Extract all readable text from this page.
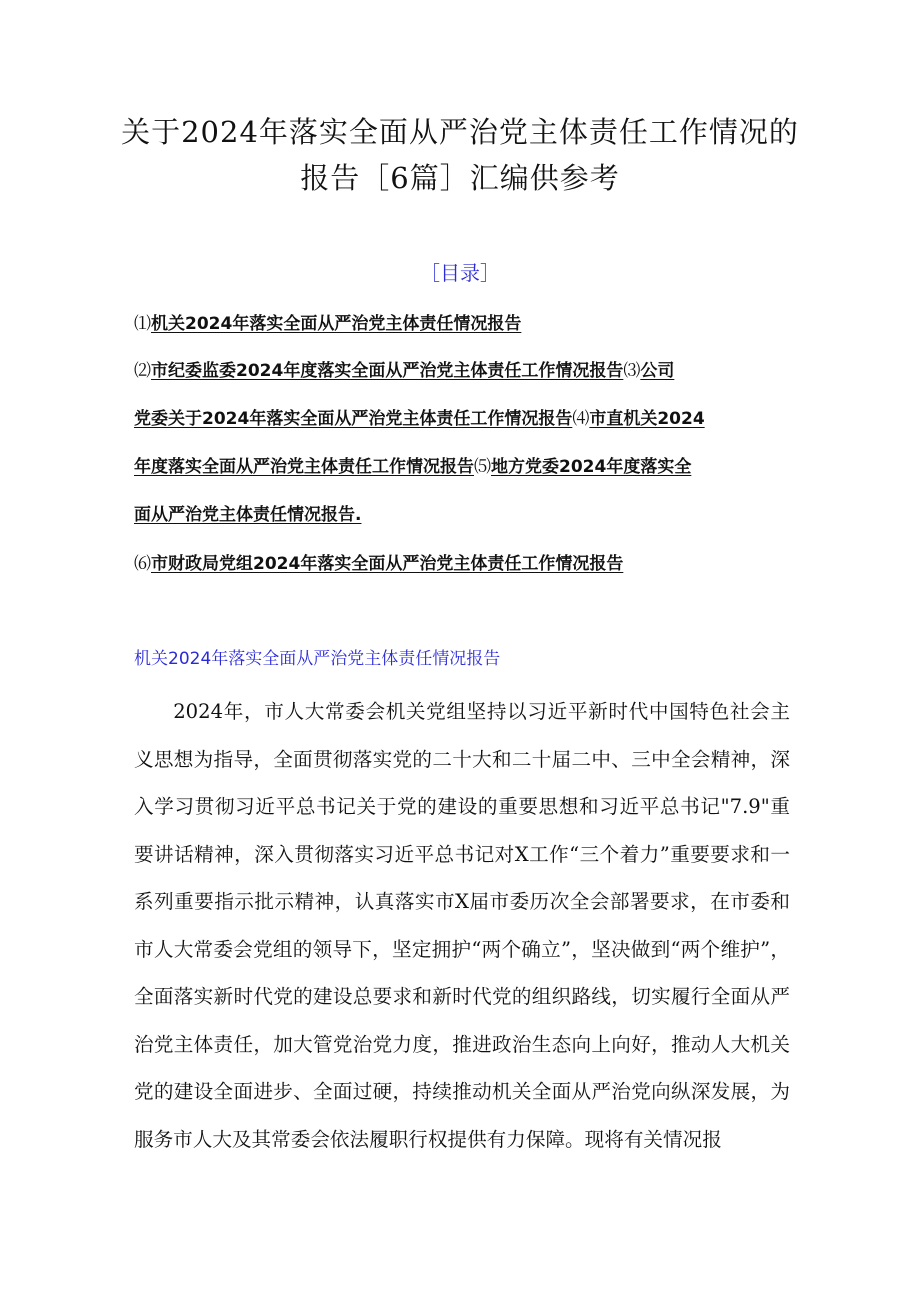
关于2024年落实全面从严治党主体责任工作情况的
报告［6篇］汇编供参考
［目录］
⑴机关2024年落实全面从严治党主体责任情况报告
⑵市纪委监委2024年度落实全面从严治党主体责任工作情况报告⑶公司
党委关于2024年落实全面从严治党主体责任工作情况报告⑷市直机关2024
年度落实全面从严治党主体责任工作情况报告⑸地方党委2024年度落实全
面从严治党主体责任情况报告.
⑹市财政局党组2024年落实全面从严治党主体责任工作情况报告
机关2024年落实全面从严治党主体责任情况报告
2024年，市人大常委会机关党组坚持以习近平新时代中国特色社会主义思想为指导，全面贯彻落实党的二十大和二十届二中、三中全会精神，深入学习贯彻习近平总书记关于党的建设的重要思想和习近平总书记"7.9"重要讲话精神，深入贯彻落实习近平总书记对X工作“三个着力”重要要求和一系列重要指示批示精神，认真落实市X届市委历次全会部署要求，在市委和市人大常委会党组的领导下，坚定拥护“两个确立”，坚决做到“两个维护”，全面落实新时代党的建设总要求和新时代党的组织路线，切实履行全面从严治党主体责任，加大管党治党力度，推进政治生态向上向好，推动人大机关党的建设全面进步、全面过硬，持续推动机关全面从严治党向纵深发展，为服务市人大及其常委会依法履职行权提供有力保障。现将有关情况报
